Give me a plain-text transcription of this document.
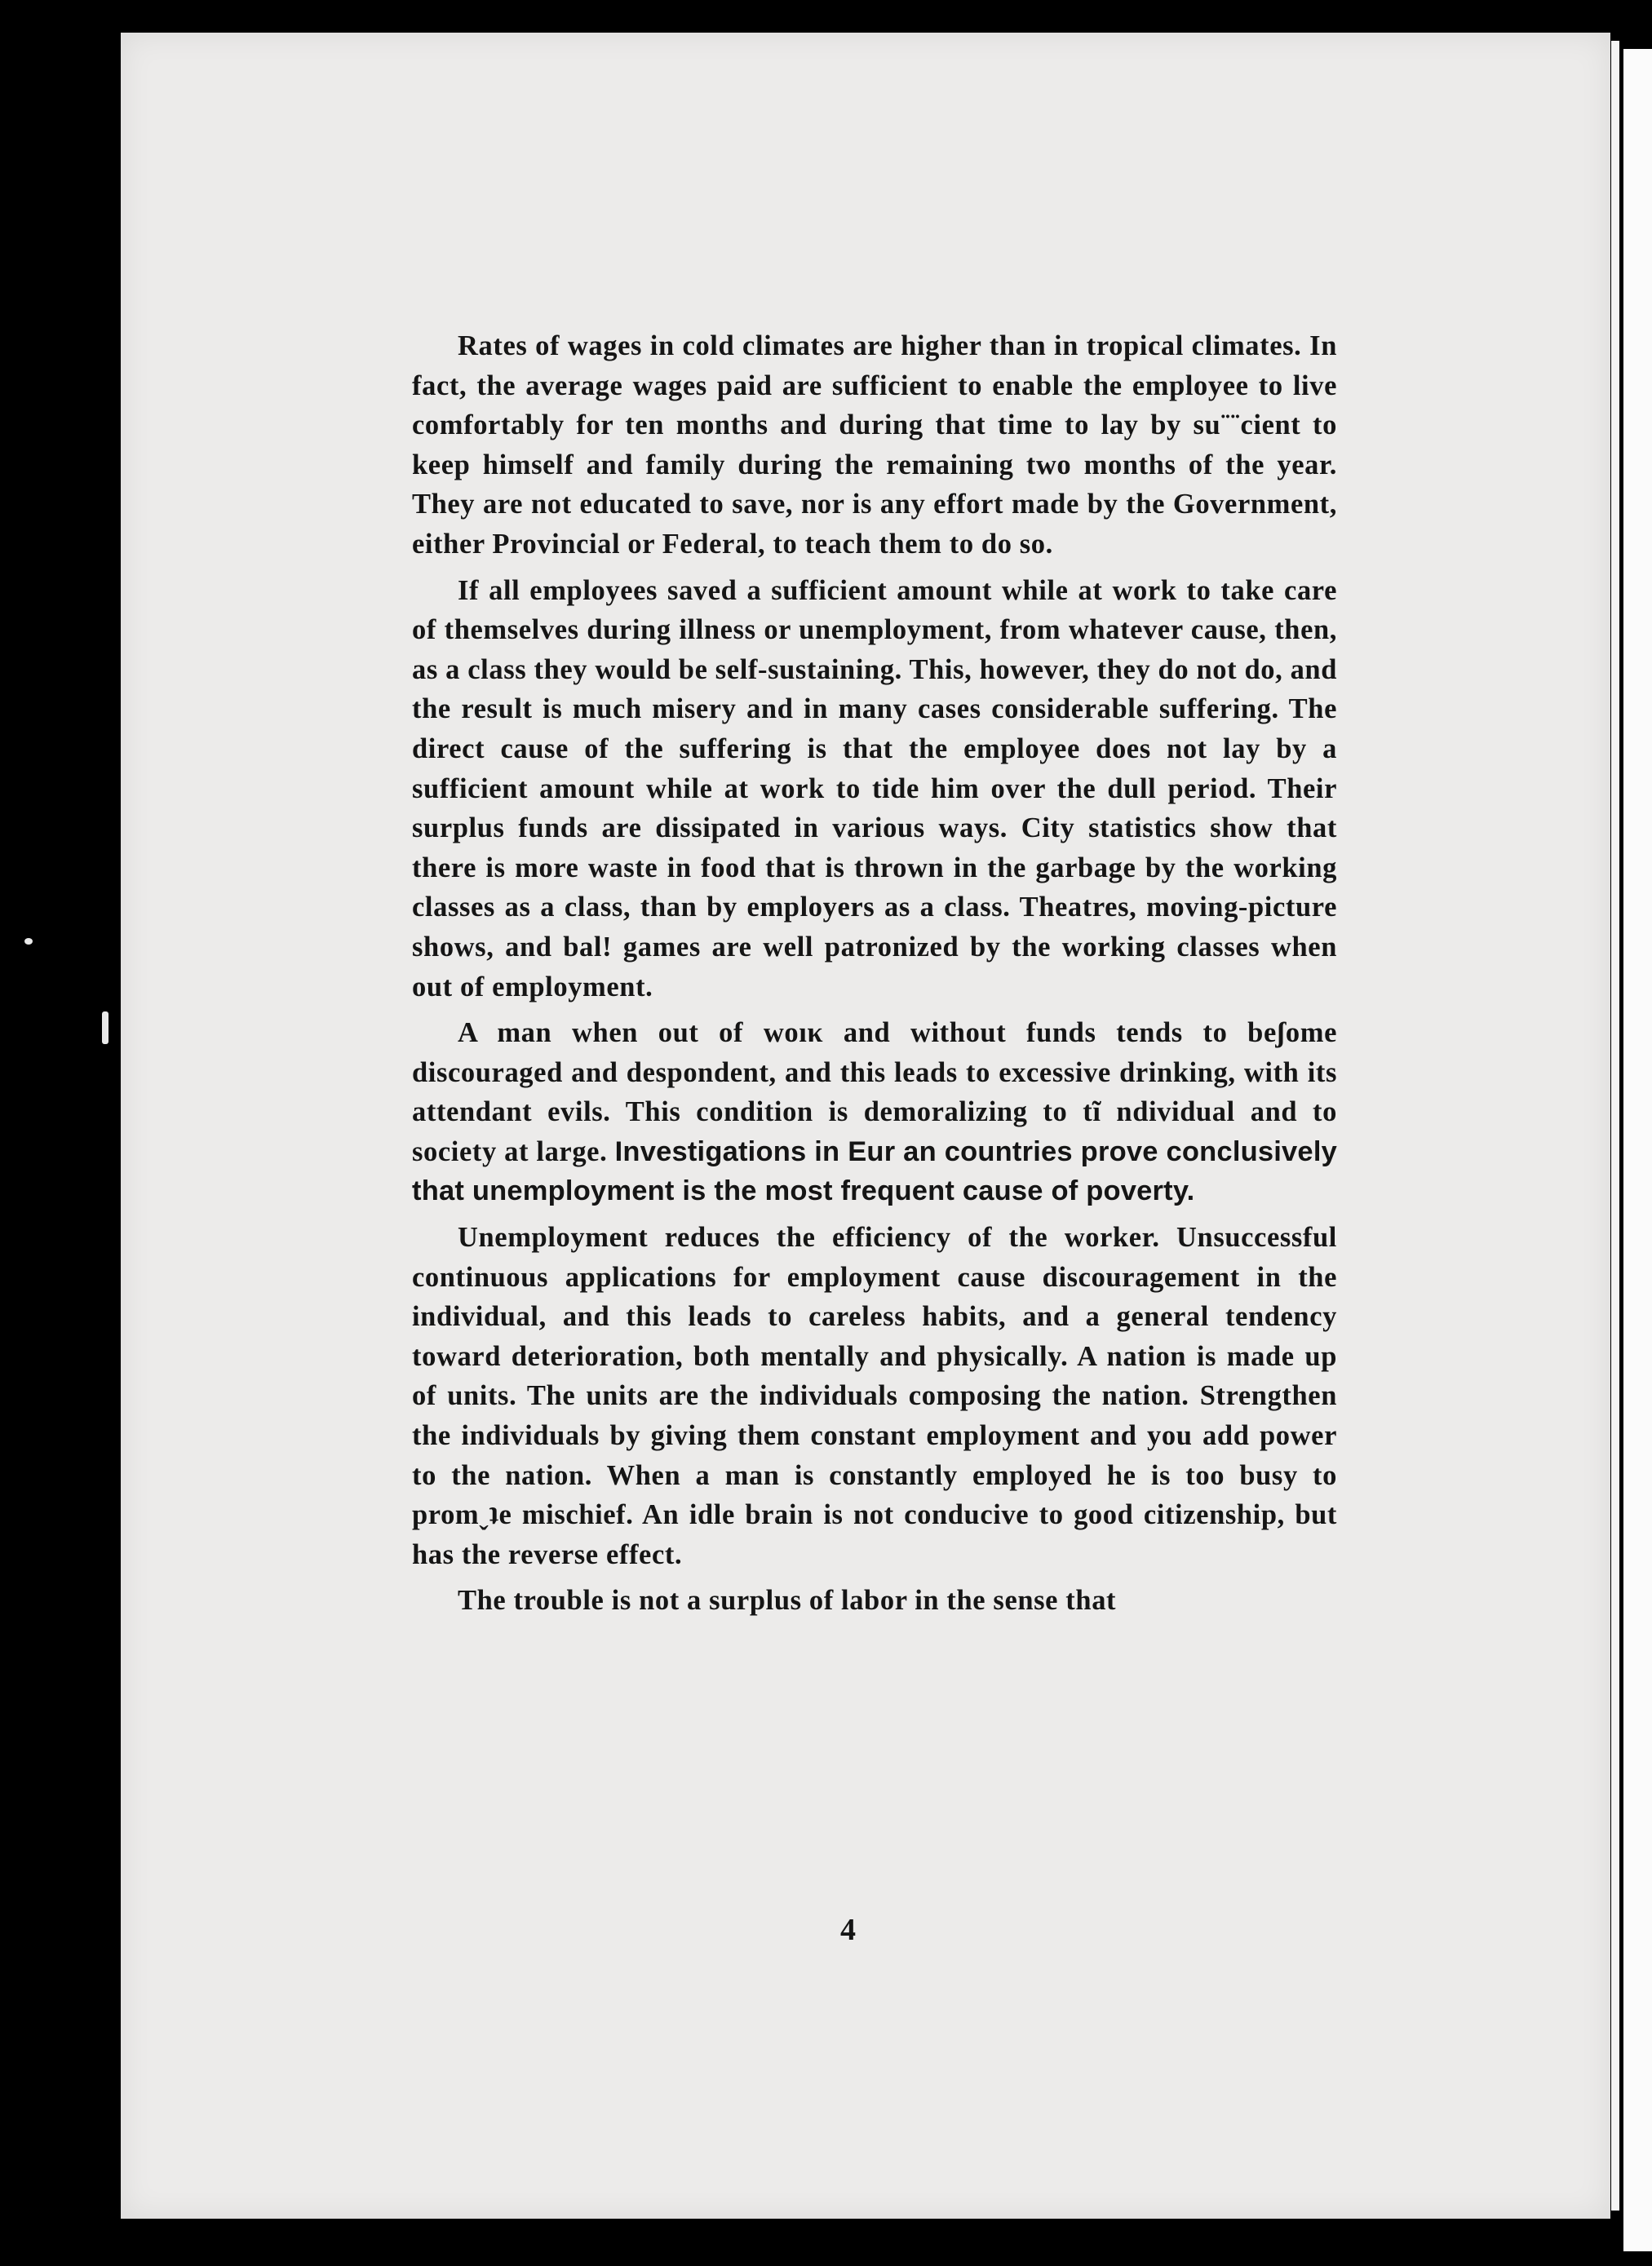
Rates of wages in cold climates are higher than in tropical climates. In fact, the average wages paid are sufficient to enable the employee to live comfortably for ten months and during that time to lay by su¨¨cient to keep himself and family during the remaining two months of the year. They are not educated to save, nor is any effort made by the Government, either Provincial or Federal, to teach them to do so.

If all employees saved a sufficient amount while at work to take care of themselves during illness or unemployment, from whatever cause, then, as a class they would be self-sustaining. This, however, they do not do, and the result is much misery and in many cases considerable suffering. The direct cause of the suffering is that the employee does not lay by a sufficient amount while at work to tide him over the dull period. Their surplus funds are dissipated in various ways. City statistics show that there is more waste in food that is thrown in the garbage by the working classes as a class, than by employers as a class. Theatres, moving-picture shows, and bal! games are well patronized by the working classes when out of employment.

A man when out of woıκ and without funds tends to beʃome discouraged and despondent, and this leads to excessive drinking, with its attendant evils. This condition is demoralizing to tĩ ndividual and to society at large. Investigations in Eur an countries prove conclusively that unemployment is the most frequent cause of poverty.

Unemployment reduces the efficiency of the worker. Unsuccessful continuous applications for employment cause discouragement in the individual, and this leads to careless habits, and a general tendency toward deterioration, both mentally and physically. A nation is made up of units. The units are the individuals composing the nation. Strengthen the individuals by giving them constant employment and you add power to the nation. When a man is constantly employed he is too busy to promˬʇe mischief. An idle brain is not conducive to good citizenship, but has the reverse effect.

The trouble is not a surplus of labor in the sense that

4
